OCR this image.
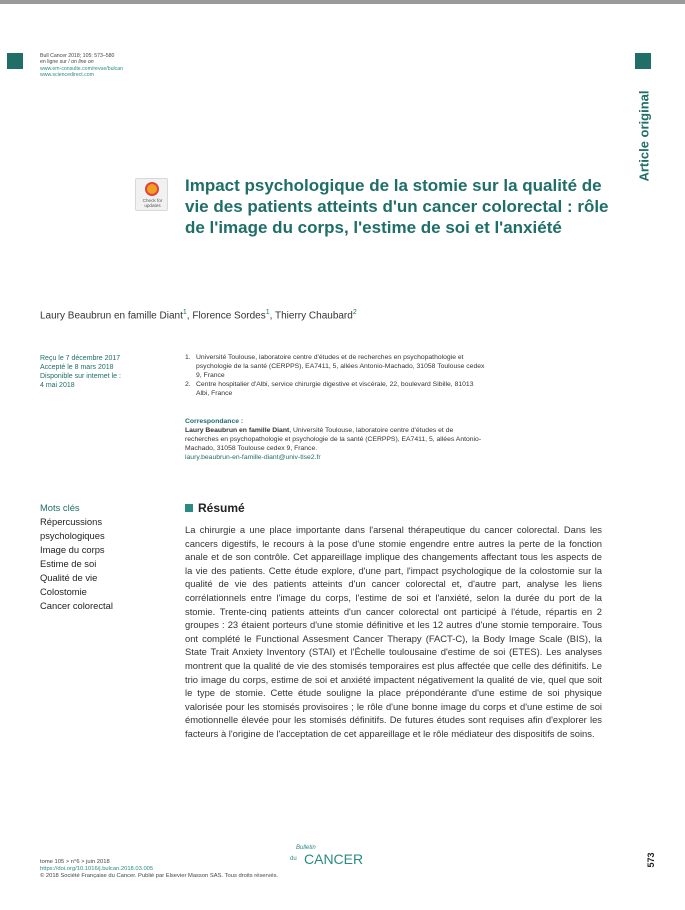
Bull Cancer 2018; 105: 573–580
en ligne sur / on line on
www.em-consulte.com/revue/bulcan
www.sciencedirect.com
Article original
Check for updates
Impact psychologique de la stomie sur la qualité de vie des patients atteints d'un cancer colorectal : rôle de l'image du corps, l'estime de soi et l'anxiété
Laury Beaubrun en famille Diant$^1$, Florence Sordes$^1$, Thierry Chaubard$^2$
Reçu le 7 décembre 2017
Accepté le 8 mars 2018
Disponible sur internet le :
4 mai 2018
1. Université Toulouse, laboratoire centre d'études et de recherches en psychopathologie et psychologie de la santé (CERPPS), EA7411, 5, allées Antonio-Machado, 31058 Toulouse cedex 9, France
2. Centre hospitalier d'Albi, service chirurgie digestive et viscérale, 22, boulevard Sibille, 81013 Albi, France
Correspondance :
Laury Beaubrun en famille Diant, Université Toulouse, laboratoire centre d'études et de recherches en psychopathologie et psychologie de la santé (CERPPS), EA7411, 5, allées Antonio-Machado, 31058 Toulouse cedex 9, France.
laury.beaubrun-en-famille-diant@univ-tlse2.fr
Mots clés
Répercussions
psychologiques
Image du corps
Estime de soi
Qualité de vie
Colostomie
Cancer colorectal
Résumé

La chirurgie a une place importante dans l'arsenal thérapeutique du cancer colorectal. Dans les cancers digestifs, le recours à la pose d'une stomie engendre entre autres la perte de la fonction anale et de son contrôle. Cet appareillage implique des changements affectant tous les aspects de la vie des patients. Cette étude explore, d'une part, l'impact psychologique de la colostomie sur la qualité de vie des patients atteints d'un cancer colorectal et, d'autre part, analyse les liens corrélationnels entre l'image du corps, l'estime de soi et l'anxiété, selon la durée du port de la stomie. Trente-cinq patients atteints d'un cancer colorectal ont participé à l'étude, répartis en 2 groupes : 23 étaient porteurs d'une stomie définitive et les 12 autres d'une stomie temporaire. Tous ont complété le Functional Assesment Cancer Therapy (FACT-C), la Body Image Scale (BIS), la State Trait Anxiety Inventory (STAI) et l'Échelle toulousaine d'estime de soi (ETES). Les analyses montrent que la qualité de vie des stomisés temporaires est plus affectée que celle des définitifs. Le trio image du corps, estime de soi et anxiété impactent négativement la qualité de vie, quel que soit le type de stomie. Cette étude souligne la place prépondérante d'une estime de soi physique valorisée pour les stomisés provisoires ; le rôle d'une bonne image du corps et d'une estime de soi émotionnelle élevée pour les stomisés définitifs. De futures études sont requises afin d'explorer les facteurs à l'origine de l'acceptation de cet appareillage et le rôle médiateur des dispositifs de soins.

tome 105 > n°6 > juin 2018
https://doi.org/10.1016/j.bulcan.2018.03.005
© 2018 Société Française du Cancer. Publié par Elsevier Masson SAS. Tous droits réservés.
Bulletin
du CANCER	573
